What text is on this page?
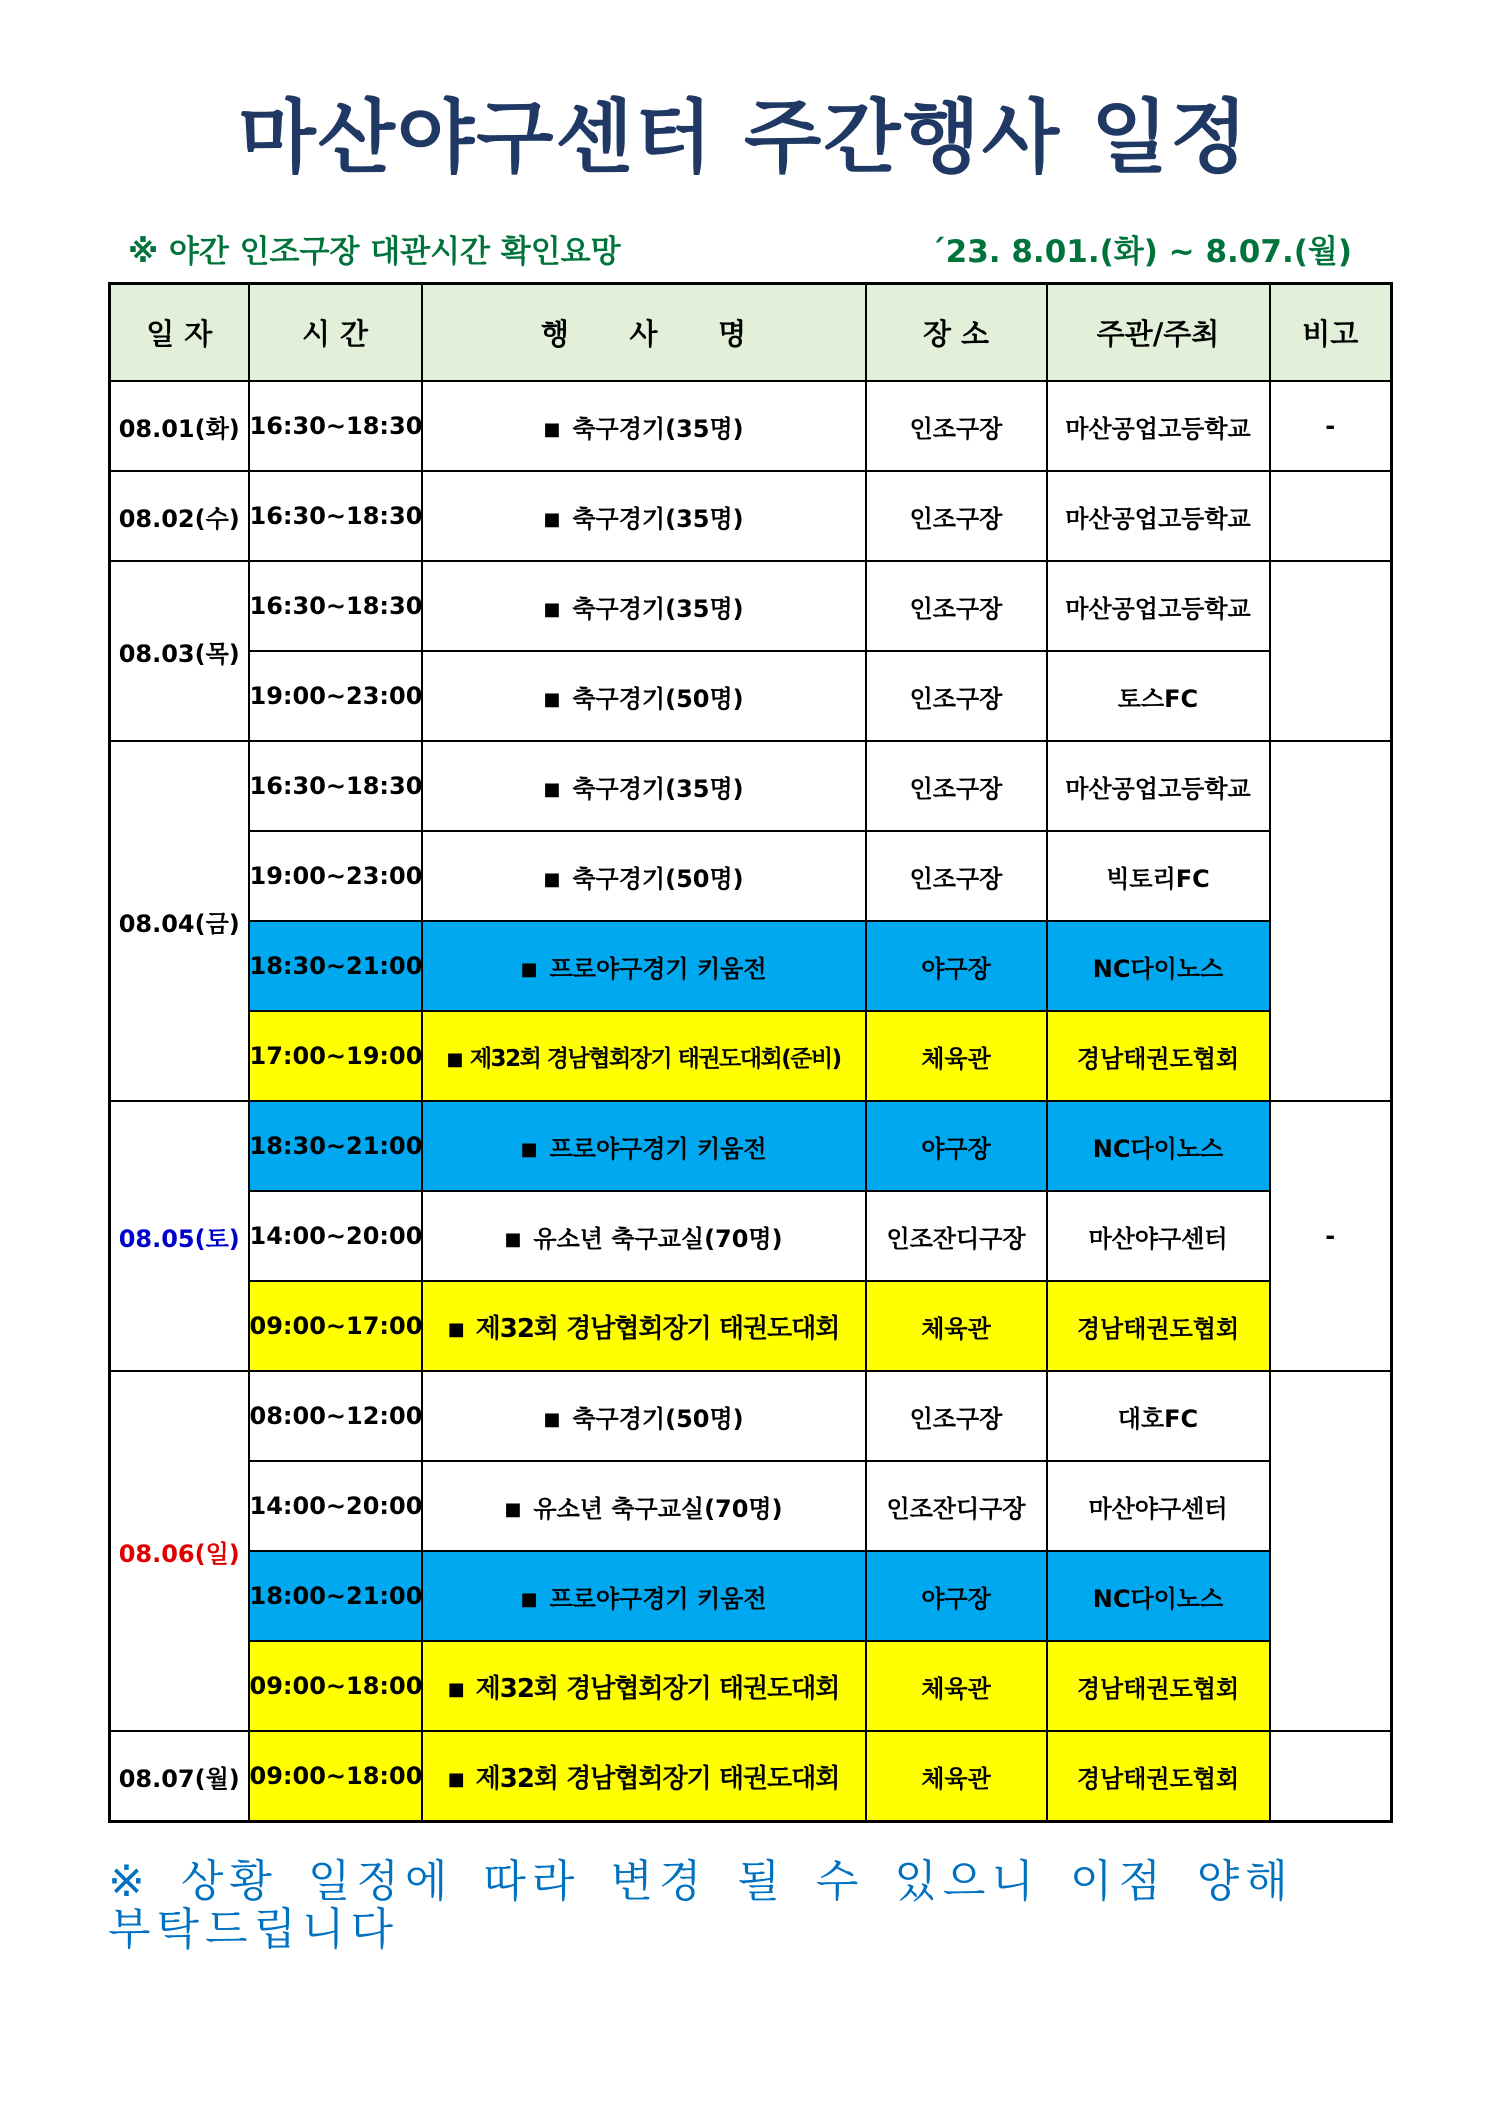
마산야구센터 주간행사 일정
※ 야간 인조구장 대관시간 확인요망	´23. 8.01.(화) ~ 8.07.(월)
일 자	시 간	행      사      명	장 소	주관/주최	비고
08.01(화)	16:30~18:30	■ 축구경기(35명)	인조구장	마산공업고등학교	-
08.02(수)	16:30~18:30	■ 축구경기(35명)	인조구장	마산공업고등학교	
08.03(목)	16:30~18:30	■ 축구경기(35명)	인조구장	마산공업고등학교	
	19:00~23:00	■ 축구경기(50명)	인조구장	토스FC	
08.04(금)	16:30~18:30	■ 축구경기(35명)	인조구장	마산공업고등학교	
	19:00~23:00	■ 축구경기(50명)	인조구장	빅토리FC	
	18:30~21:00	■ 프로야구경기 키움전	야구장	NC다이노스	
	17:00~19:00	■ 제32회 경남협회장기 태권도대회(준비)	체육관	경남태권도협회	
08.05(토)	18:30~21:00	■ 프로야구경기 키움전	야구장	NC다이노스	-
	14:00~20:00	■ 유소년 축구교실(70명)	인조잔디구장	마산야구센터	
	09:00~17:00	■ 제32회 경남협회장기 태권도대회	체육관	경남태권도협회	
08.06(일)	08:00~12:00	■ 축구경기(50명)	인조구장	대호FC	
	14:00~20:00	■ 유소년 축구교실(70명)	인조잔디구장	마산야구센터	
	18:00~21:00	■ 프로야구경기 키움전	야구장	NC다이노스	
	09:00~18:00	■ 제32회 경남협회장기 태권도대회	체육관	경남태권도협회	
08.07(월)	09:00~18:00	■ 제32회 경남협회장기 태권도대회	체육관	경남태권도협회	
※ 상황 일정에 따라 변경 될 수 있으니 이점 양해 부탁드립니다
